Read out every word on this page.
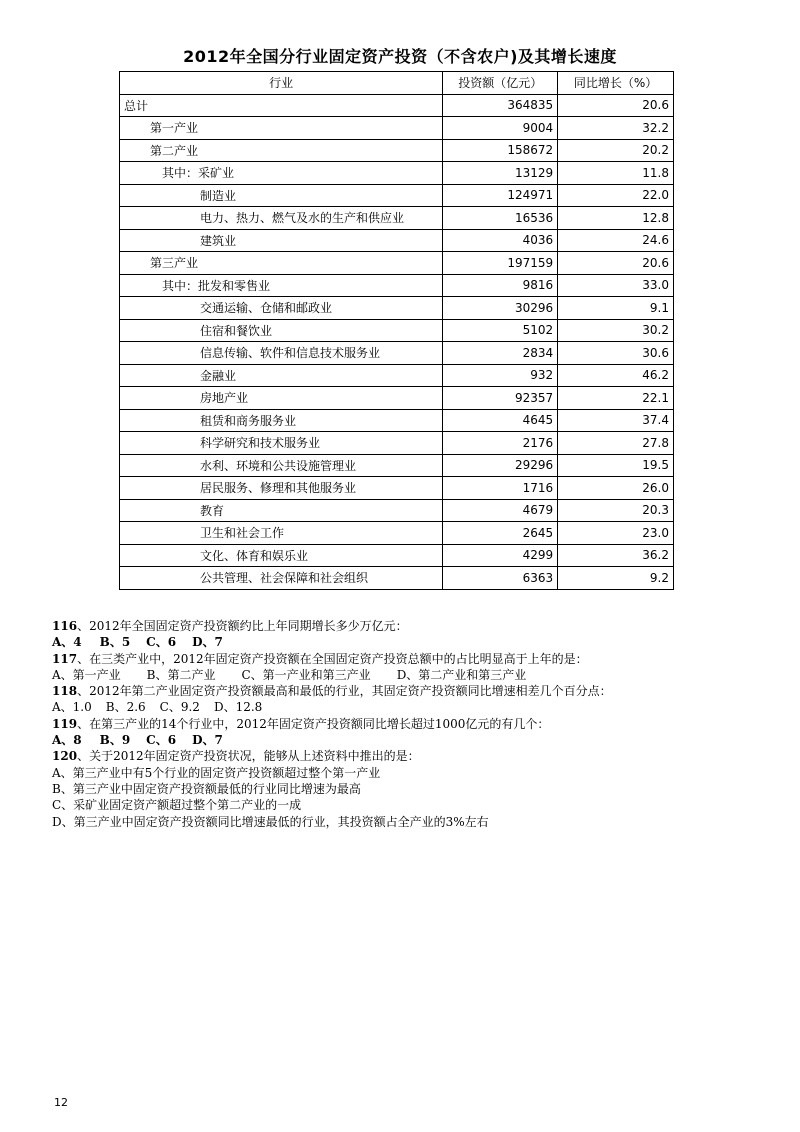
2012年全国分行业固定资产投资（不含农户)及其增长速度
行业	投资额（亿元）	同比增长（%）
总计	364835	20.6
第一产业	9004	32.2
第二产业	158672	20.2
其中：采矿业	13129	11.8
制造业	124971	22.0
电力、热力、燃气及水的生产和供应业	16536	12.8
建筑业	4036	24.6
第三产业	197159	20.6
其中：批发和零售业	9816	33.0
交通运输、仓储和邮政业	30296	9.1
住宿和餐饮业	5102	30.2
信息传输、软件和信息技术服务业	2834	30.6
金融业	932	46.2
房地产业	92357	22.1
租赁和商务服务业	4645	37.4
科学研究和技术服务业	2176	27.8
水利、环境和公共设施管理业	29296	19.5
居民服务、修理和其他服务业	1716	26.0
教育	4679	20.3
卫生和社会工作	2645	23.0
文化、体育和娱乐业	4299	36.2
公共管理、社会保障和社会组织	6363	9.2

116、2012年全国固定资产投资额约比上年同期增长多少万亿元：

A、4 B、5 C、6 D、7

117、在三类产业中，2012年固定资产投资额在全国固定资产投资总额中的占比明显高于上年的是：

A、第一产业 B、第二产业 C、第一产业和第三产业 D、第二产业和第三产业

118、2012年第二产业固定资产投资额最高和最低的行业，其固定资产投资额同比增速相差几个百分点：

A、1.0 B、2.6 C、9.2 D、12.8

119、在第三产业的14个行业中，2012年固定资产投资额同比增长超过1000亿元的有几个：

A、8 B、9 C、6 D、7

120、关于2012年固定资产投资状况，能够从上述资料中推出的是：

A、第三产业中有5个行业的固定资产投资额超过整个第一产业

B、第三产业中固定资产投资额最低的行业同比增速为最高

C、采矿业固定资产额超过整个第二产业的一成

D、第三产业中固定资产投资额同比增速最低的行业，其投资额占全产业的3%左右

12
